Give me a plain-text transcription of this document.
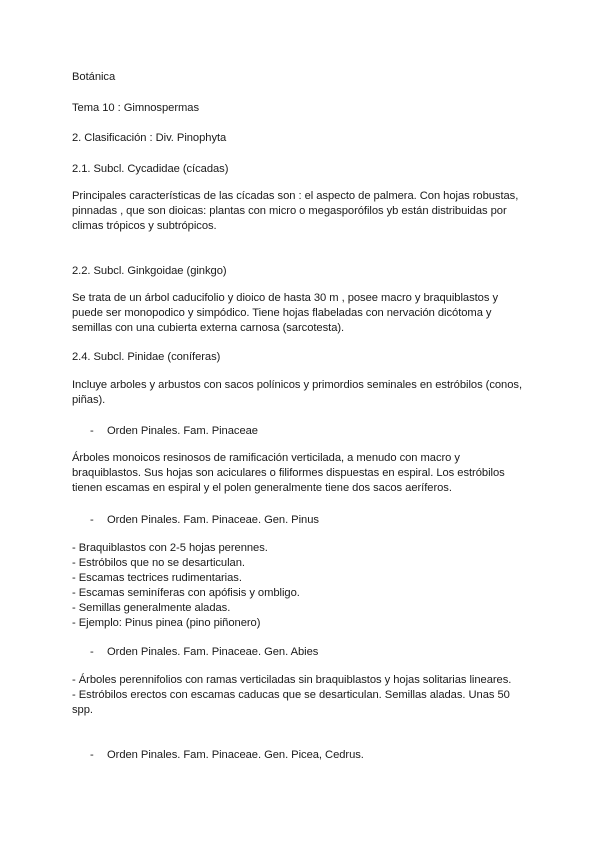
Botánica

Tema 10 : Gimnospermas

2. Clasificación : Div. Pinophyta

2.1. Subcl. Cycadidae (cícadas)

Principales características de las cícadas son : el aspecto de palmera. Con hojas robustas,

pinnadas , que son dioicas: plantas con micro o megasporófilos yb están distribuidas por

climas trópicos y subtrópicos.

2.2. Subcl. Ginkgoidae (ginkgo)

Se trata de un árbol caducifolio y dioico de hasta 30 m , posee macro y braquiblastos y

puede ser monopodico y simpódico. Tiene hojas flabeladas con nervación dicótoma y

semillas con una cubierta externa carnosa (sarcotesta).

2.4. Subcl. Pinidae (coníferas)

Incluye arboles y arbustos con sacos polínicos y primordios seminales en estróbilos (conos,

piñas).

- Orden Pinales. Fam. Pinaceae

Árboles monoicos resinosos de ramificación verticilada, a menudo con macro y

braquiblastos. Sus hojas son aciculares o filiformes dispuestas en espiral. Los estróbilos

tienen escamas en espiral y el polen generalmente tiene dos sacos aeríferos.

- Orden Pinales. Fam. Pinaceae. Gen. Pinus

- Braquiblastos con 2-5 hojas perennes.

- Estróbilos que no se desarticulan.

- Escamas tectrices rudimentarias.

- Escamas seminíferas con apófisis y ombligo.

- Semillas generalmente aladas.

- Ejemplo: Pinus pinea (pino piñonero)

- Orden Pinales. Fam. Pinaceae. Gen. Abies

- Árboles perennifolios con ramas verticiladas sin braquiblastos y hojas solitarias lineares.

- Estróbilos erectos con escamas caducas que se desarticulan. Semillas aladas. Unas 50

spp.

- Orden Pinales. Fam. Pinaceae. Gen. Picea, Cedrus.
